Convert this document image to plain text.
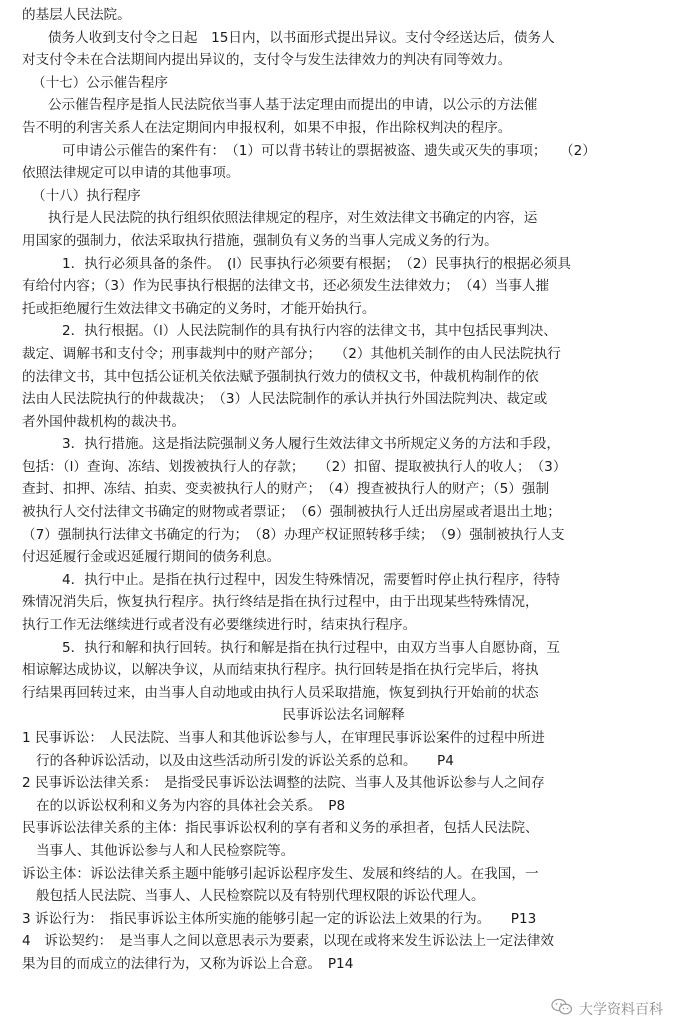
的基层人民法院。
债务人收到支付令之日起　15日内，以书面形式提出异议。支付令经送达后，债务人
对支付令未在合法期间内提出异议的，支付令与发生法律效力的判决有同等效力。
（十七）公示催告程序
公示催告程序是指人民法院依当事人基于法定理由而提出的申请，以公示的方法催
告不明的利害关系人在法定期间内申报权利，如果不申报，作出除权判决的程序。
可申请公示催告的案件有：　（1）可以背书转让的票据被盗、遗失或灭失的事项；　　（2）
依照法律规定可以申请的其他事项。
（十八）执行程序
执行是人民法院的执行组织依照法律规定的程序，对生效法律文书确定的内容，运
用国家的强制力，依法采取执行措施，强制负有义务的当事人完成义务的行为。
1．执行必须具备的条件。　(l）民事执行必须要有根据；　（2）民事执行的根据必须具
有给付内容；（3）作为民事执行根据的法律文书，还必须发生法律效力；　（4）当事人摧
托或拒绝履行生效法律文书确定的义务时，才能开始执行。
2．执行根据。（l）人民法院制作的具有执行内容的法律文书，其中包括民事判决、
裁定、调解书和支付令；刑事裁判中的财产部分；　　（2）其他机关制作的由人民法院执行
的法律文书，其中包括公证机关依法赋予强制执行效力的债权文书，仲裁机构制作的依
法由人民法院执行的仲裁裁决；　（3）人民法院制作的承认并执行外国法院判决、裁定或
者外国仲裁机构的裁决书。
3．执行措施。这是指法院强制义务人履行生效法律文书所规定义务的方法和手段，
包括：（l）查询、冻结、划拨被执行人的存款；　　（2）扣留、提取被执行人的收人；　（3）
查封、扣押、冻结、拍卖、变卖被执行人的财产；　（4）搜查被执行人的财产；（5）强制
被执行人交付法律文书确定的财物或者票证；　（6）强制被执行人迁出房屋或者退出土地；
（7）强制执行法律文书确定的行为；　（8）办理产权证照转移手续；　（9）强制被执行人支
付迟延履行金或迟延履行期间的债务利息。
4．执行中止。是指在执行过程中，因发生特殊情况，需要暂时停止执行程序，待特
殊情况消失后，恢复执行程序。执行终结是指在执行过程中，由于出现某些特殊情况，
执行工作无法继续进行或者没有必要继续进行时，结束执行程序。
5．执行和解和执行回转。执行和解是指在执行过程中，由双方当事人自愿协商，互
相谅解达成协议，以解决争议，从而结束执行程序。执行回转是指在执行完毕后，将执
行结果再回转过来，由当事人自动地或由执行人员采取措施，恢复到执行开始前的状态
民事诉讼法名词解释
1 民事诉讼：　人民法院、当事人和其他诉讼参与人，在审理民事诉讼案件的过程中所进
行的各种诉讼活动，以及由这些活动所引发的诉讼关系的总和。　　P4
2 民事诉讼法律关系：　是指受民事诉讼法调整的法院、当事人及其他诉讼参与人之间存
在的以诉讼权利和义务为内容的具体社会关系。　P8
民事诉讼法律关系的主体：指民事诉讼权利的享有者和义务的承担者，包括人民法院、
当事人、其他诉讼参与人和人民检察院等。
诉讼主体：诉讼法律关系主题中能够引起诉讼程序发生、发展和终结的人。在我国，一
般包括人民法院、当事人、人民检察院以及有特别代理权限的诉讼代理人。
3 诉讼行为：　指民事诉讼主体所实施的能够引起一定的诉讼法上效果的行为。　　P13
4　诉讼契约：　是当事人之间以意思表示为要素，以现在或将来发生诉讼法上一定法律效
果为目的而成立的法律行为，又称为诉讼上合意。　P14
大学资料百科
